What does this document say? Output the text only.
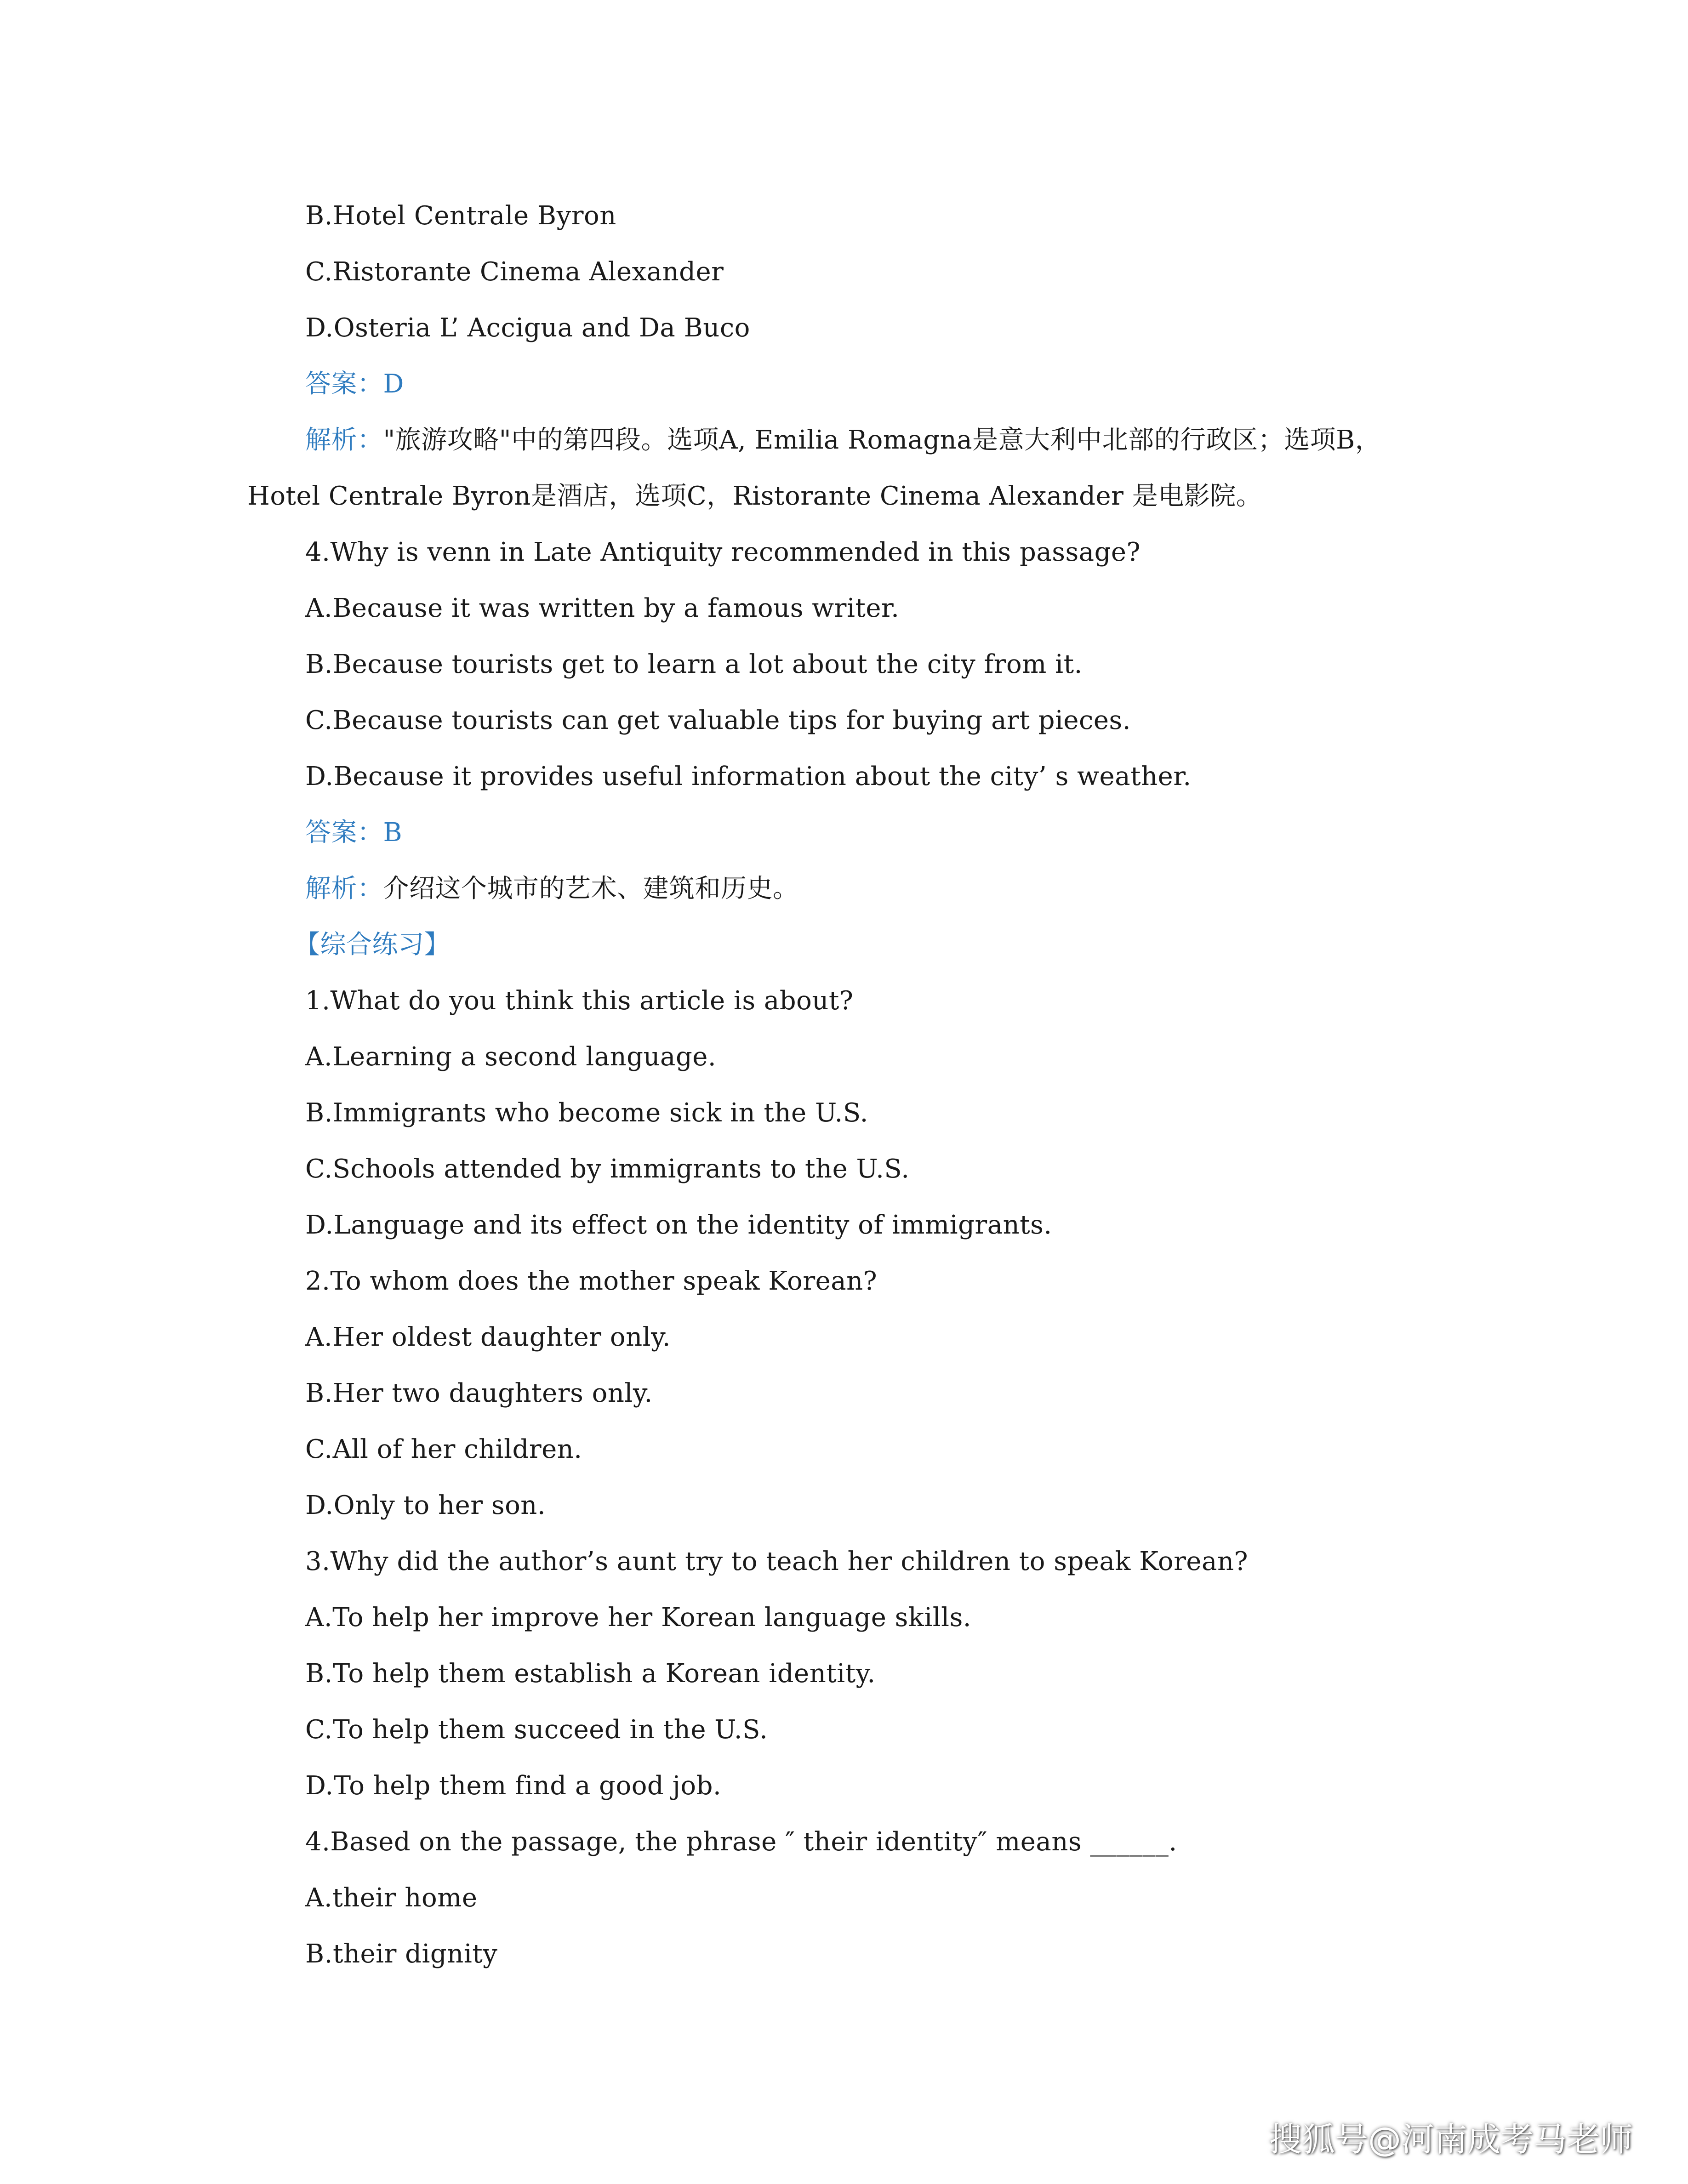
B.Hotel Centrale Byron
C.Ristorante Cinema Alexander
D.Osteria L’ Accigua and Da Buco
答案：D
解析："旅游攻略"中的第四段。选项A, Emilia Romagna是意大利中北部的行政区；选项B，
Hotel Centrale Byron是酒店，选项C，Ristorante Cinema Alexander 是电影院。
4.Why is venn in Late Antiquity recommended in this passage?
A.Because it was written by a famous writer.
B.Because tourists get to learn a lot about the city from it.
C.Because tourists can get valuable tips for buying art pieces.
D.Because it provides useful information about the city’ s weather.
答案：B
解析：介绍这个城市的艺术、建筑和历史。
【综合练习】
1.What do you think this article is about?
A.Learning a second language.
B.Immigrants who become sick in the U.S.
C.Schools attended by immigrants to the U.S.
D.Language and its effect on the identity of immigrants.
2.To whom does the mother speak Korean?
A.Her oldest daughter only.
B.Her two daughters only.
C.All of her children.
D.Only to her son.
3.Why did the author’s aunt try to teach her children to speak Korean?
A.To help her improve her Korean language skills.
B.To help them establish a Korean identity.
C.To help them succeed in the U.S.
D.To help them find a good job.
4.Based on the passage, the phrase ″ their identity″ means ______.
A.their home
B.their dignity
搜狐号@河南成考马老师
